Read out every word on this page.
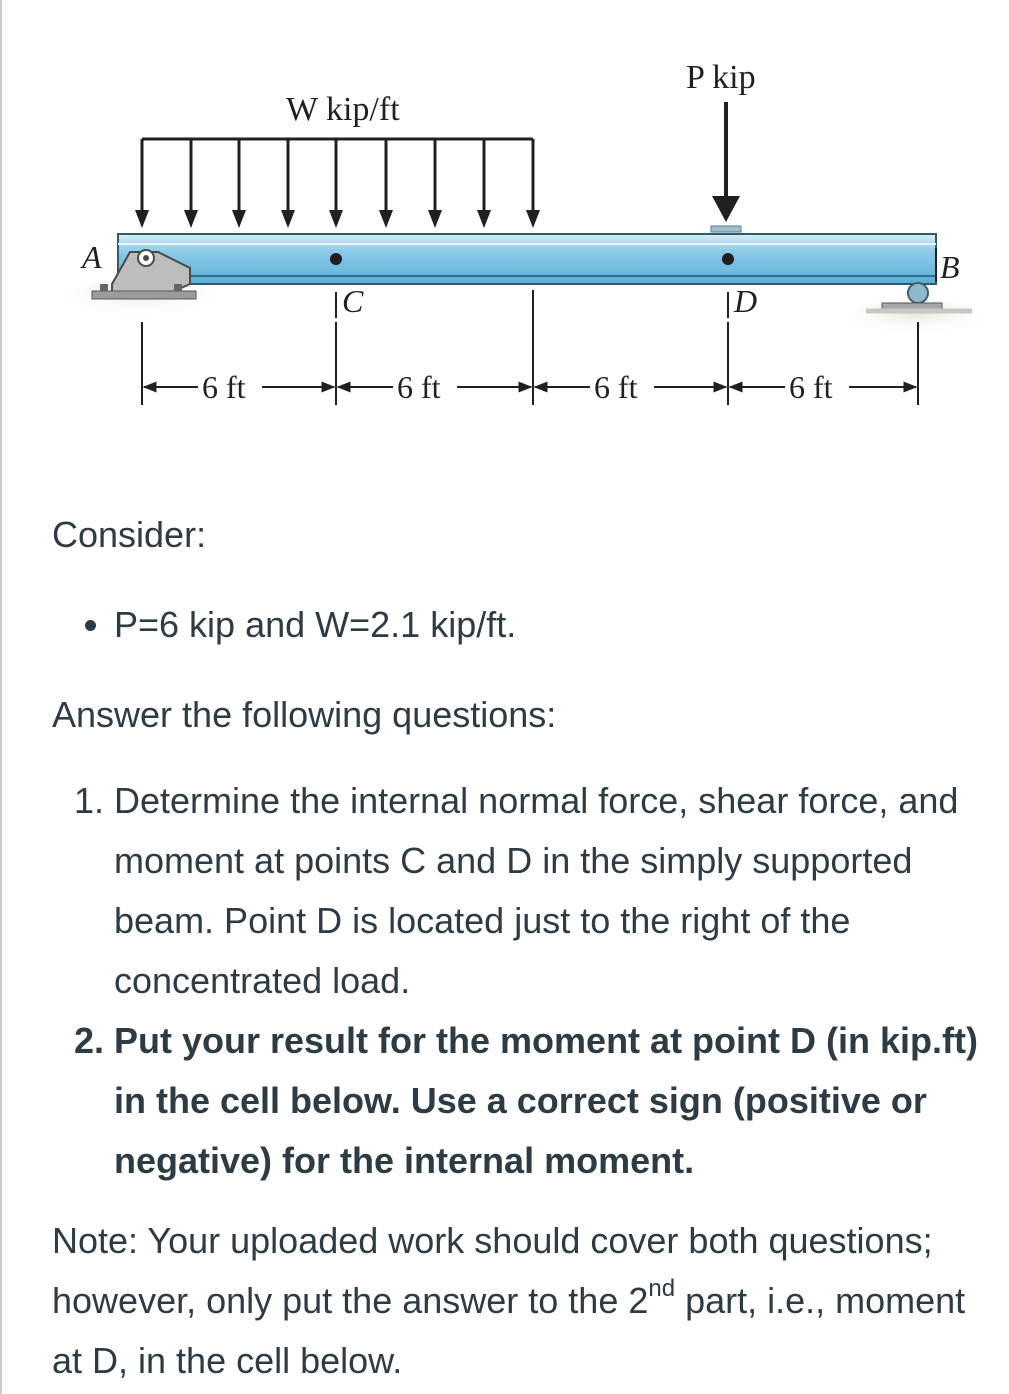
W kip/ft
P kip
A	B
C	D
6 ft	6 ft	6 ft	6 ft

Consider:

• P=6 kip and W=2.1 kip/ft.

Answer the following questions:

1. Determine the internal normal force, shear force, and moment at points C and D in the simply supported beam. Point D is located just to the right of the concentrated load.
2. Put your result for the moment at point D (in kip.ft) in the cell below. Use a correct sign (positive or negative) for the internal moment.

Note: Your uploaded work should cover both questions; however, only put the answer to the 2nd part, i.e., moment at D, in the cell below.
